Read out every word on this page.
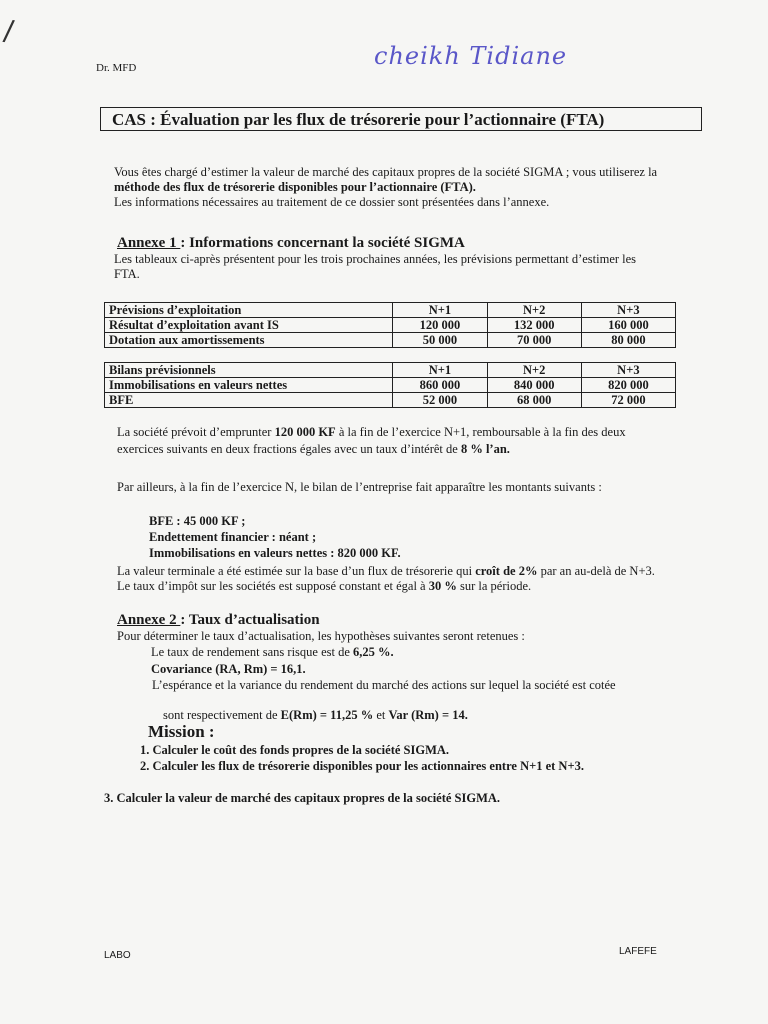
/
Dr. MFD	cheikh Tidiane
CAS : Évaluation par les flux de trésorerie pour l’actionnaire (FTA)
Vous êtes chargé d’estimer la valeur de marché des capitaux propres de la société SIGMA ; vous utiliserez la méthode des flux de trésorerie disponibles pour l’actionnaire (FTA).
Les informations nécessaires au traitement de ce dossier sont présentées dans l’annexe.
Annexe 1 : Informations concernant la société SIGMA
Les tableaux ci-après présentent pour les trois prochaines années, les prévisions permettant d’estimer les FTA.
Prévisions d’exploitation	N+1	N+2	N+3
Résultat d’exploitation avant IS	120 000	132 000	160 000
Dotation aux amortissements	50 000	70 000	80 000
Bilans prévisionnels	N+1	N+2	N+3
Immobilisations en valeurs nettes	860 000	840 000	820 000
BFE	52 000	68 000	72 000
La société prévoit d’emprunter 120 000 KF à la fin de l’exercice N+1, remboursable à la fin des deux exercices suivants en deux fractions égales avec un taux d’intérêt de 8 % l’an.
Par ailleurs, à la fin de l’exercice N, le bilan de l’entreprise fait apparaître les montants suivants :
BFE : 45 000 KF ;
Endettement financier : néant ;
Immobilisations en valeurs nettes : 820 000 KF.
La valeur terminale a été estimée sur la base d’un flux de trésorerie qui croît de 2% par an au-delà de N+3. Le taux d’impôt sur les sociétés est supposé constant et égal à 30 % sur la période.
Annexe 2 : Taux d’actualisation
Pour déterminer le taux d’actualisation, les hypothèses suivantes seront retenues :
Le taux de rendement sans risque est de 6,25 %.
Covariance (RA, Rm) = 16,1.
L’espérance et la variance du rendement du marché des actions sur lequel la société est cotée
sont respectivement de E(Rm) = 11,25 % et Var (Rm) = 14.
Mission :
1. Calculer le coût des fonds propres de la société SIGMA.
2. Calculer les flux de trésorerie disponibles pour les actionnaires entre N+1 et N+3.
3. Calculer la valeur de marché des capitaux propres de la société SIGMA.
LABO	LAFEFE
